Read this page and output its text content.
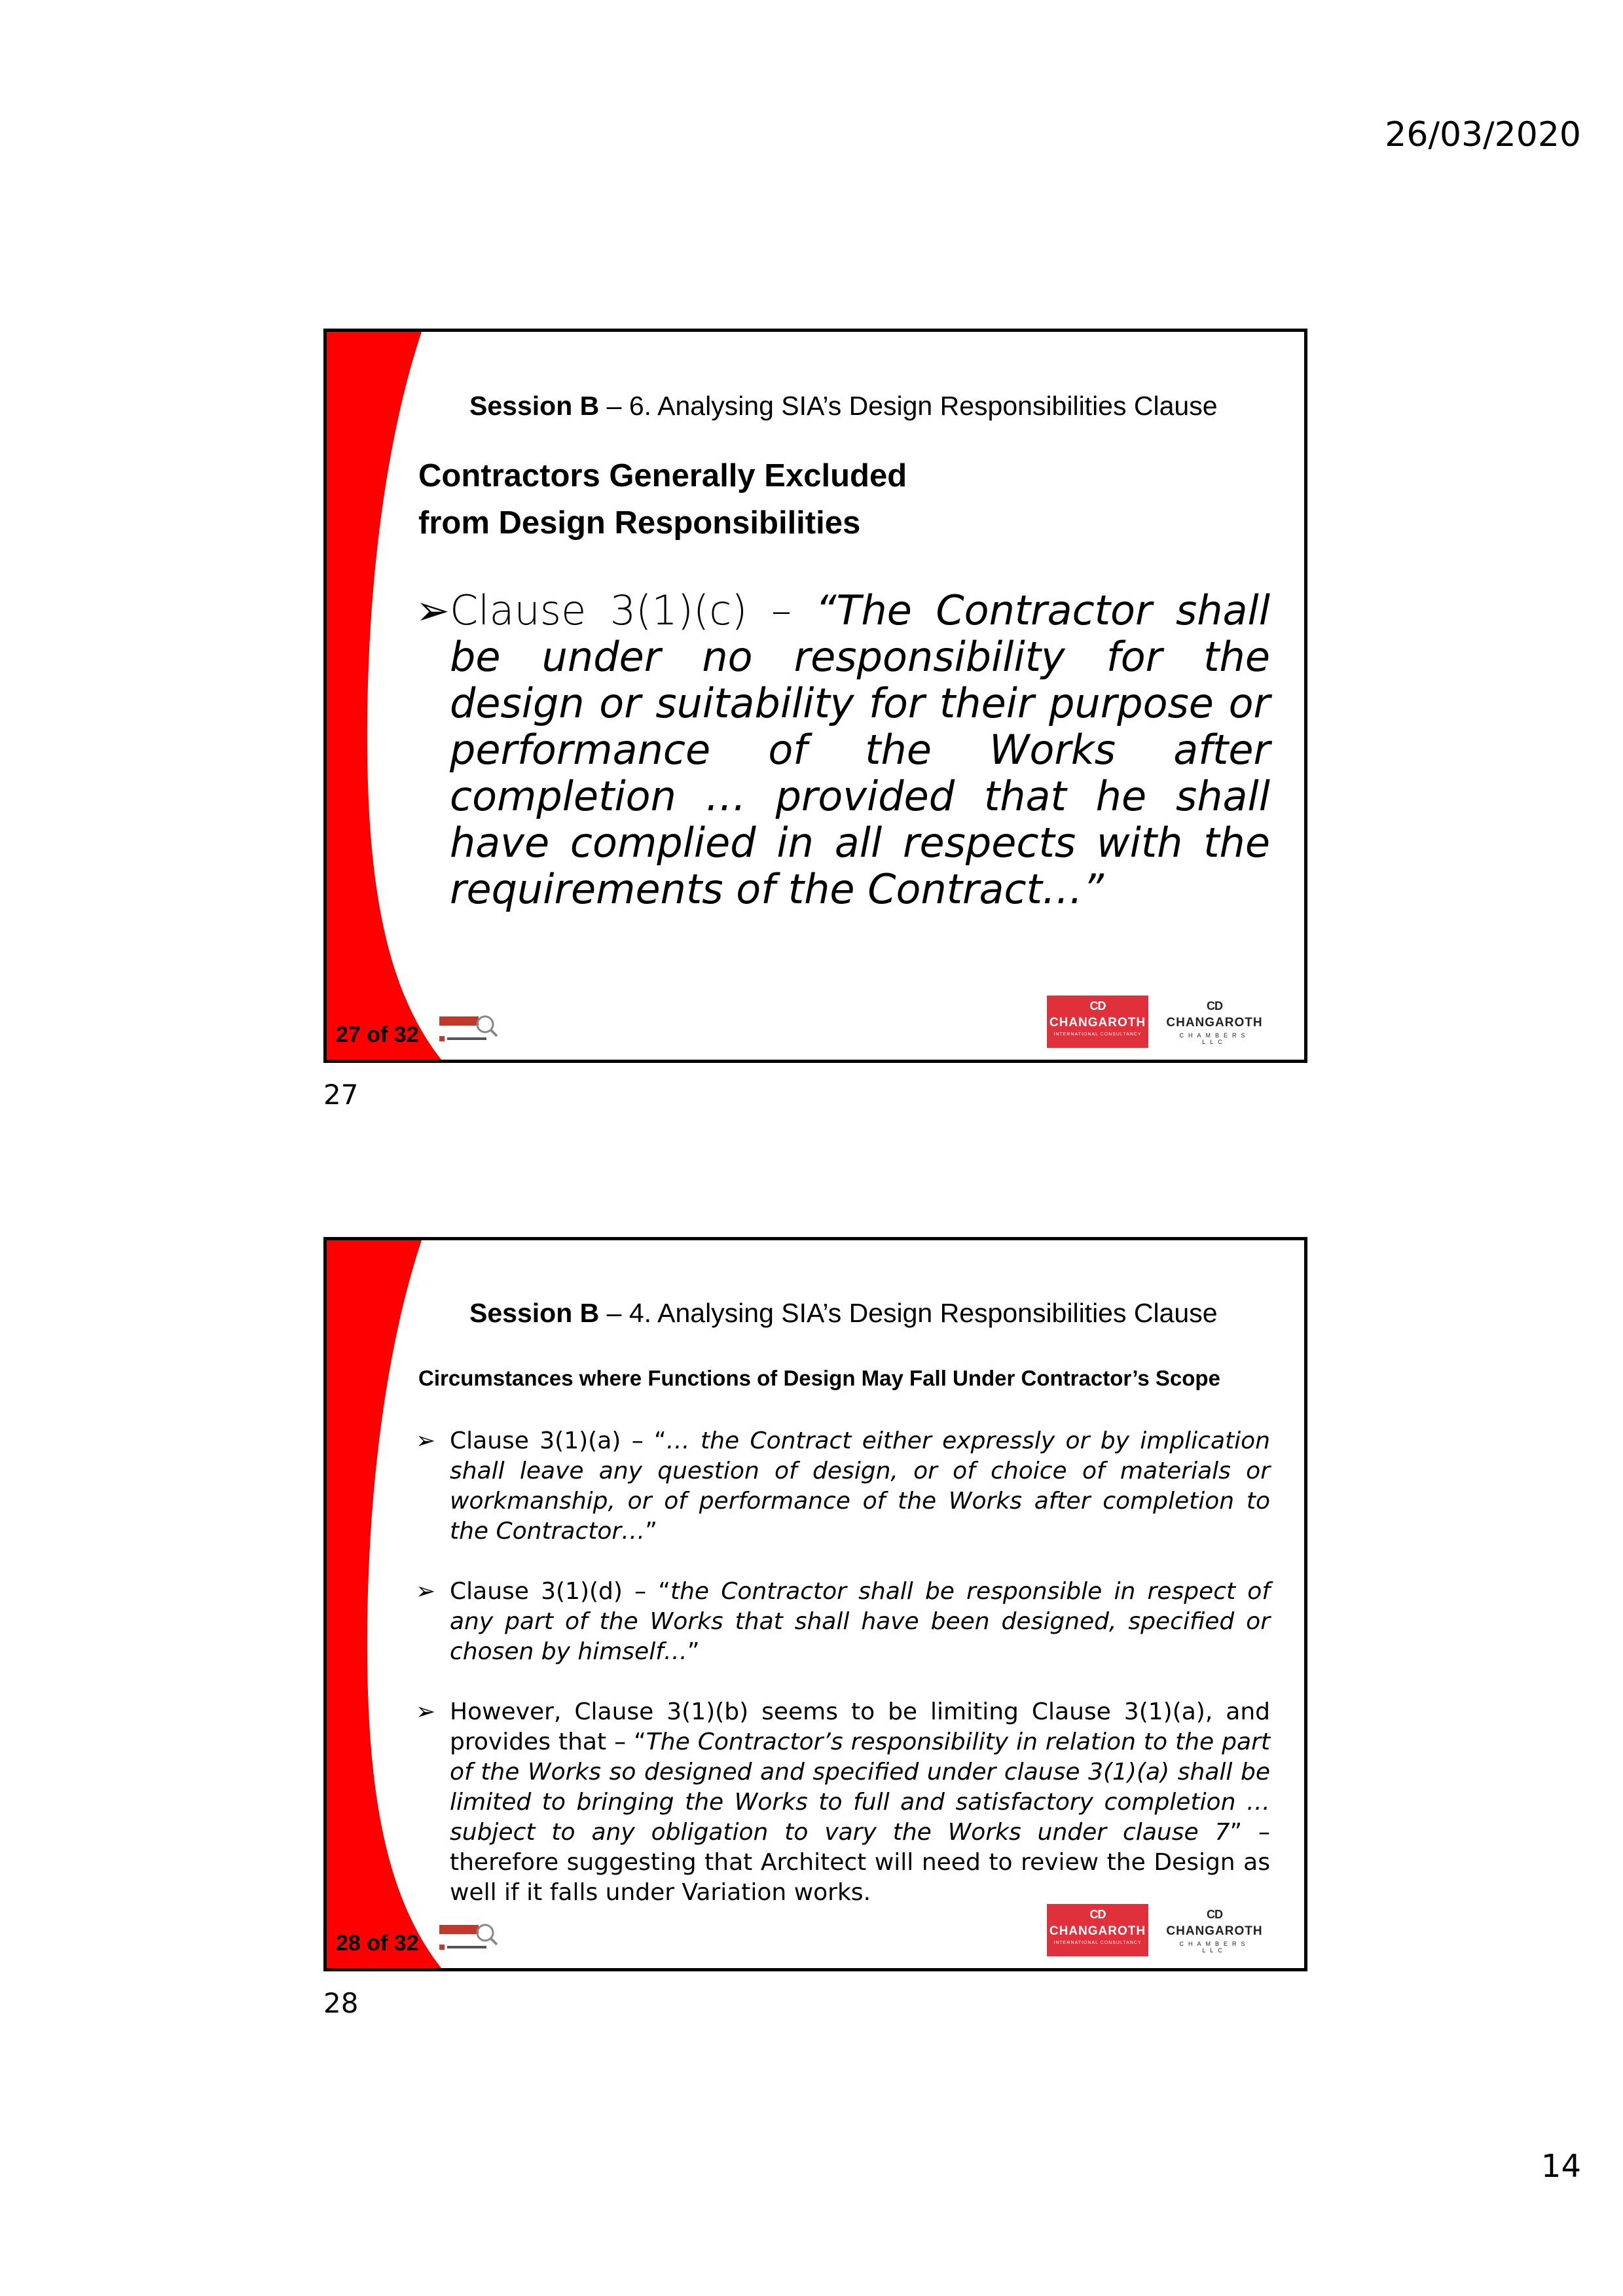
26/03/2020
Session B – 6. Analysing SIA’s Design Responsibilities Clause
Contractors Generally Excluded
from Design Responsibilities
➢ Clause 3(1)(c) – “The Contractor shall be under no responsibility for the design or suitability for their purpose or performance of the Works after completion … provided that he shall have complied in all respects with the requirements of the Contract…”
27 of 32
CD
CHANGAROTH
INTERNATIONAL CONSULTANCY
CD
CHANGAROTH
CHAMBERS LLC
27
Session B – 4. Analysing SIA’s Design Responsibilities Clause
Circumstances where Functions of Design May Fall Under Contractor’s Scope
➢ Clause 3(1)(a) – “… the Contract either expressly or by implication shall leave any question of design, or of choice of materials or workmanship, or of performance of the Works after completion to the Contractor…”
➢ Clause 3(1)(d) – “the Contractor shall be responsible in respect of any part of the Works that shall have been designed, specified or chosen by himself…”
➢ However, Clause 3(1)(b) seems to be limiting Clause 3(1)(a), and provides that – “The Contractor’s responsibility in relation to the part of the Works so designed and specified under clause 3(1)(a) shall be limited to bringing the Works to full and satisfactory completion … subject to any obligation to vary the Works under clause 7” – therefore suggesting that Architect will need to review the Design as well if it falls under Variation works.
28 of 32
CD
CHANGAROTH
INTERNATIONAL CONSULTANCY
CD
CHANGAROTH
CHAMBERS LLC
28
14
